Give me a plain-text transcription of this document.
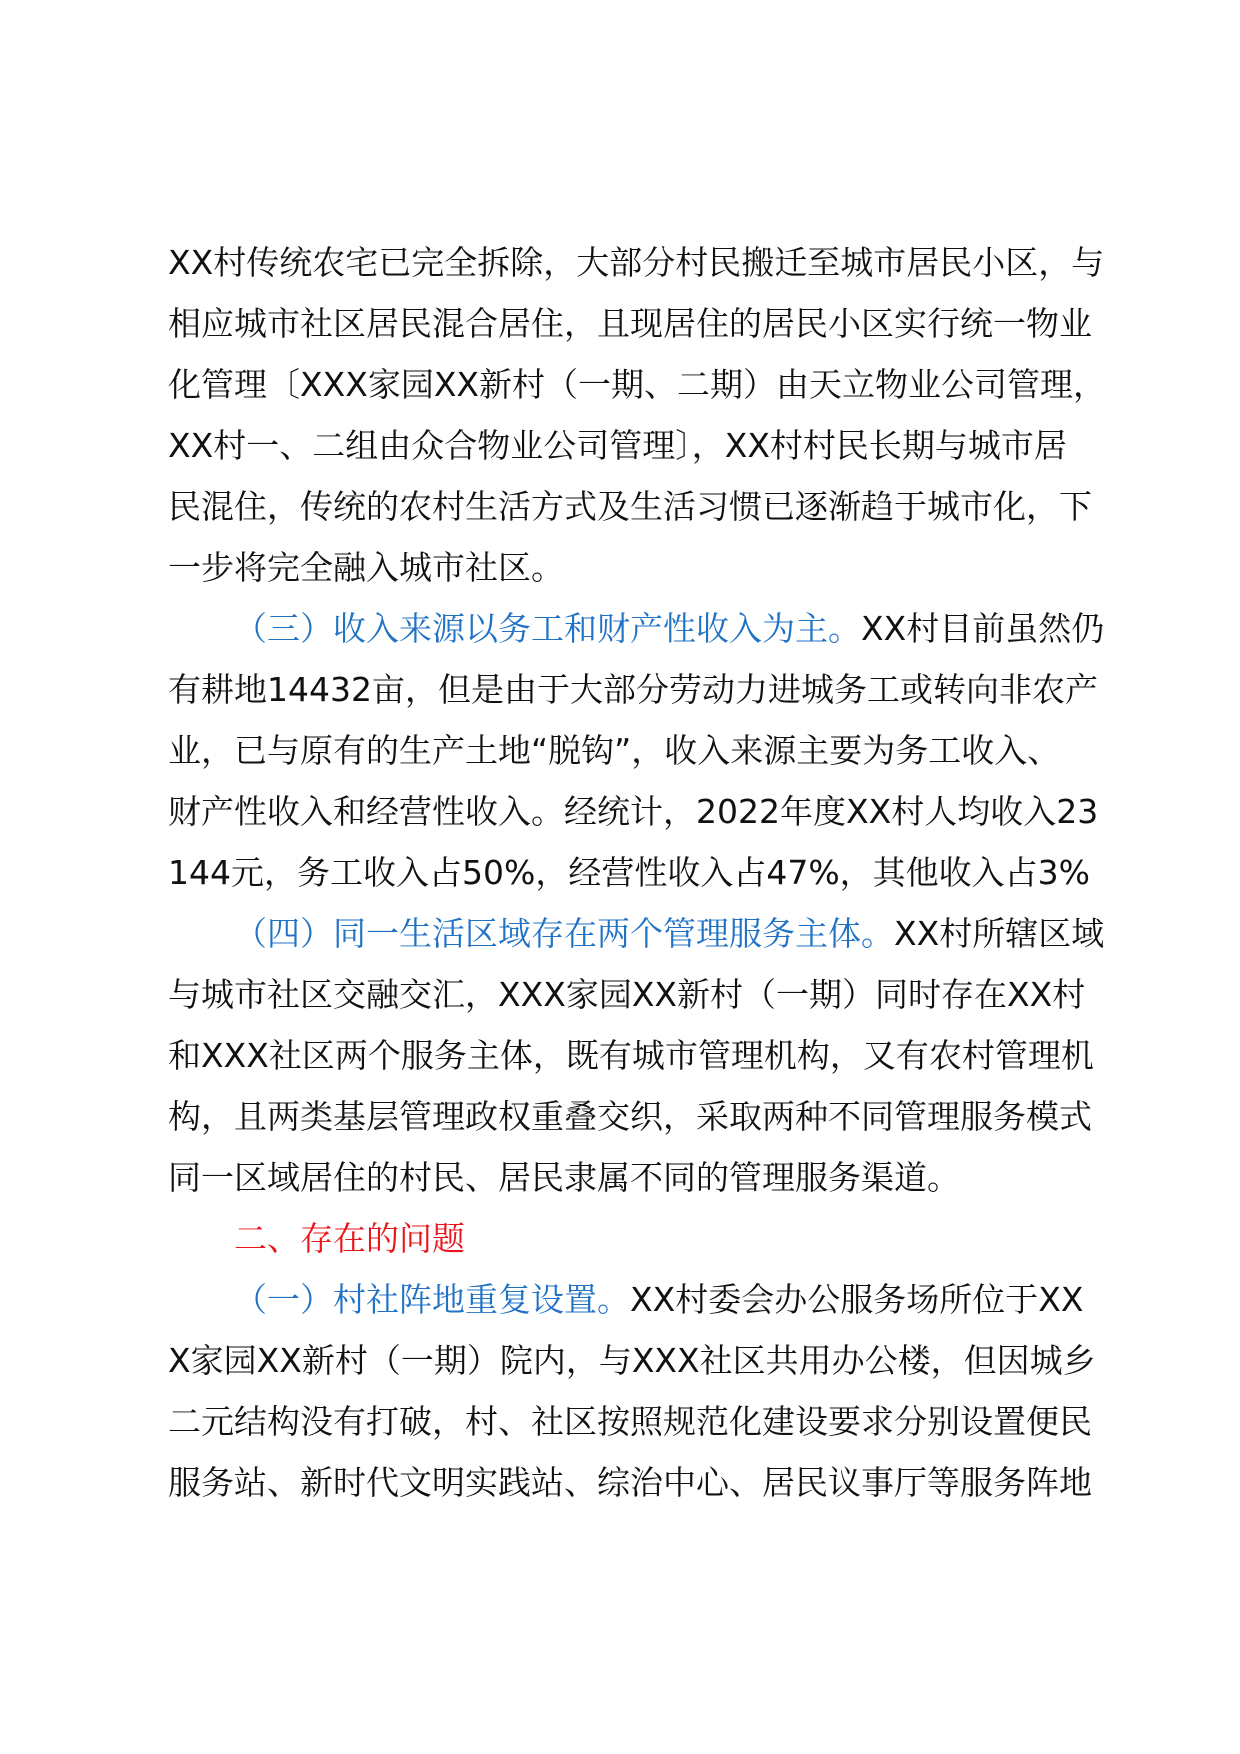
XX村传统农宅已完全拆除，大部分村民搬迁至城市居民小区，与
相应城市社区居民混合居住，且现居住的居民小区实行统一物业
化管理〔XXX家园XX新村（一期、二期）由天立物业公司管理，
XX村一、二组由众合物业公司管理〕，XX村村民长期与城市居
民混住，传统的农村生活方式及生活习惯已逐渐趋于城市化，下
一步将完全融入城市社区。
（三）收入来源以务工和财产性收入为主。XX村目前虽然仍
有耕地14432亩，但是由于大部分劳动力进城务工或转向非农产
业，已与原有的生产土地“脱钩”，收入来源主要为务工收入、
财产性收入和经营性收入。经统计，2022年度XX村人均收入23
144元，务工收入占50%，经营性收入占47%，其他收入占3%
（四）同一生活区域存在两个管理服务主体。XX村所辖区域
与城市社区交融交汇，XXX家园XX新村（一期）同时存在XX村
和XXX社区两个服务主体，既有城市管理机构，又有农村管理机
构，且两类基层管理政权重叠交织，采取两种不同管理服务模式
同一区域居住的村民、居民隶属不同的管理服务渠道。
二、存在的问题
（一）村社阵地重复设置。XX村委会办公服务场所位于XX
X家园XX新村（一期）院内，与XXX社区共用办公楼，但因城乡
二元结构没有打破，村、社区按照规范化建设要求分别设置便民
服务站、新时代文明实践站、综治中心、居民议事厅等服务阵地
